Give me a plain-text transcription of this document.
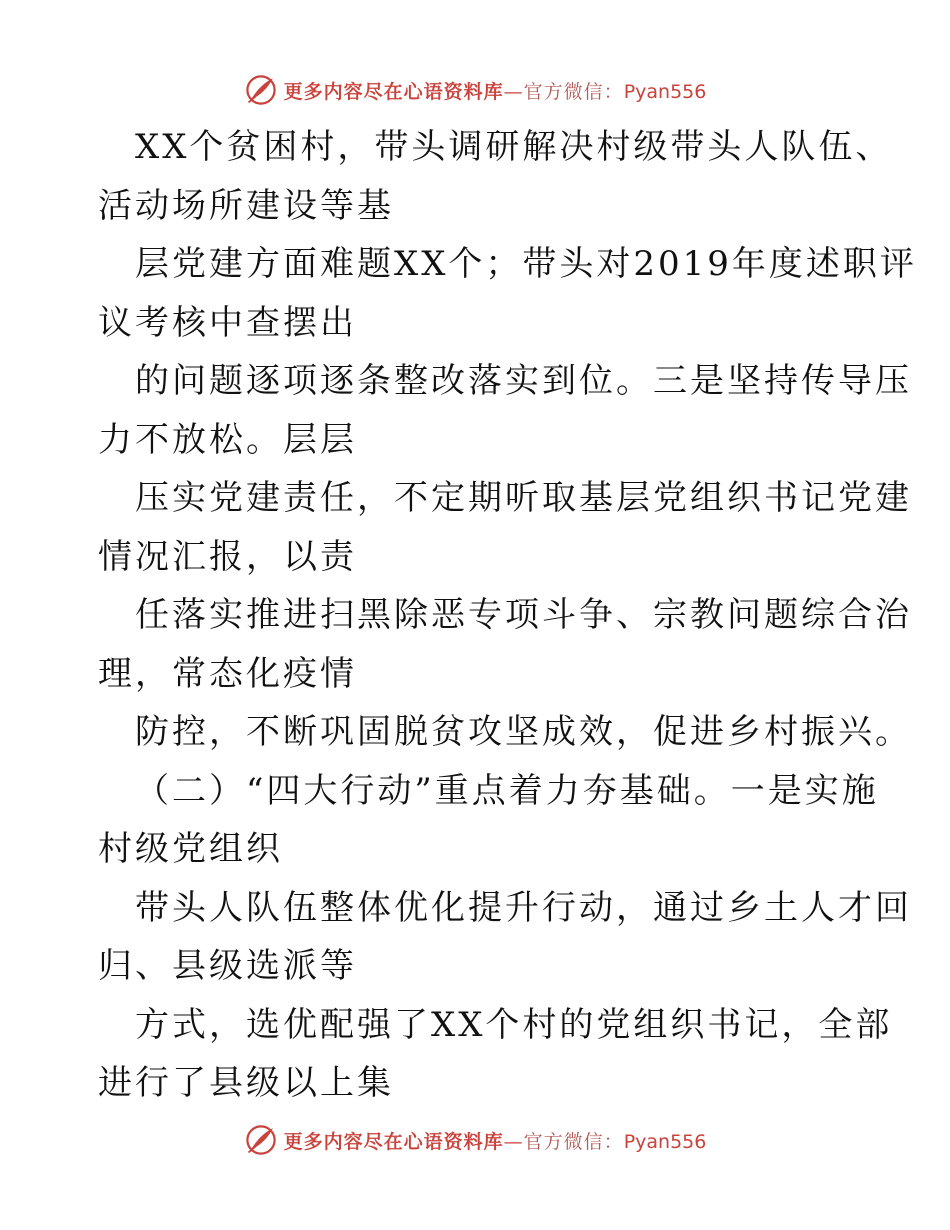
更多内容尽在心语资料库—官方微信：Pyan556
XX个贫困村，带头调研解决村级带头人队伍、
活动场所建设等基
层党建方面难题XX个；带头对2019年度述职评
议考核中查摆出
的问题逐项逐条整改落实到位。三是坚持传导压
力不放松。层层
压实党建责任，不定期听取基层党组织书记党建
情况汇报，以责
任落实推进扫黑除恶专项斗争、宗教问题综合治
理，常态化疫情
防控，不断巩固脱贫攻坚成效，促进乡村振兴。
（二）“四大行动”重点着力夯基础。一是实施
村级党组织
带头人队伍整体优化提升行动，通过乡土人才回
归、县级选派等
方式，选优配强了XX个村的党组织书记，全部
进行了县级以上集
更多内容尽在心语资料库—官方微信：Pyan556
